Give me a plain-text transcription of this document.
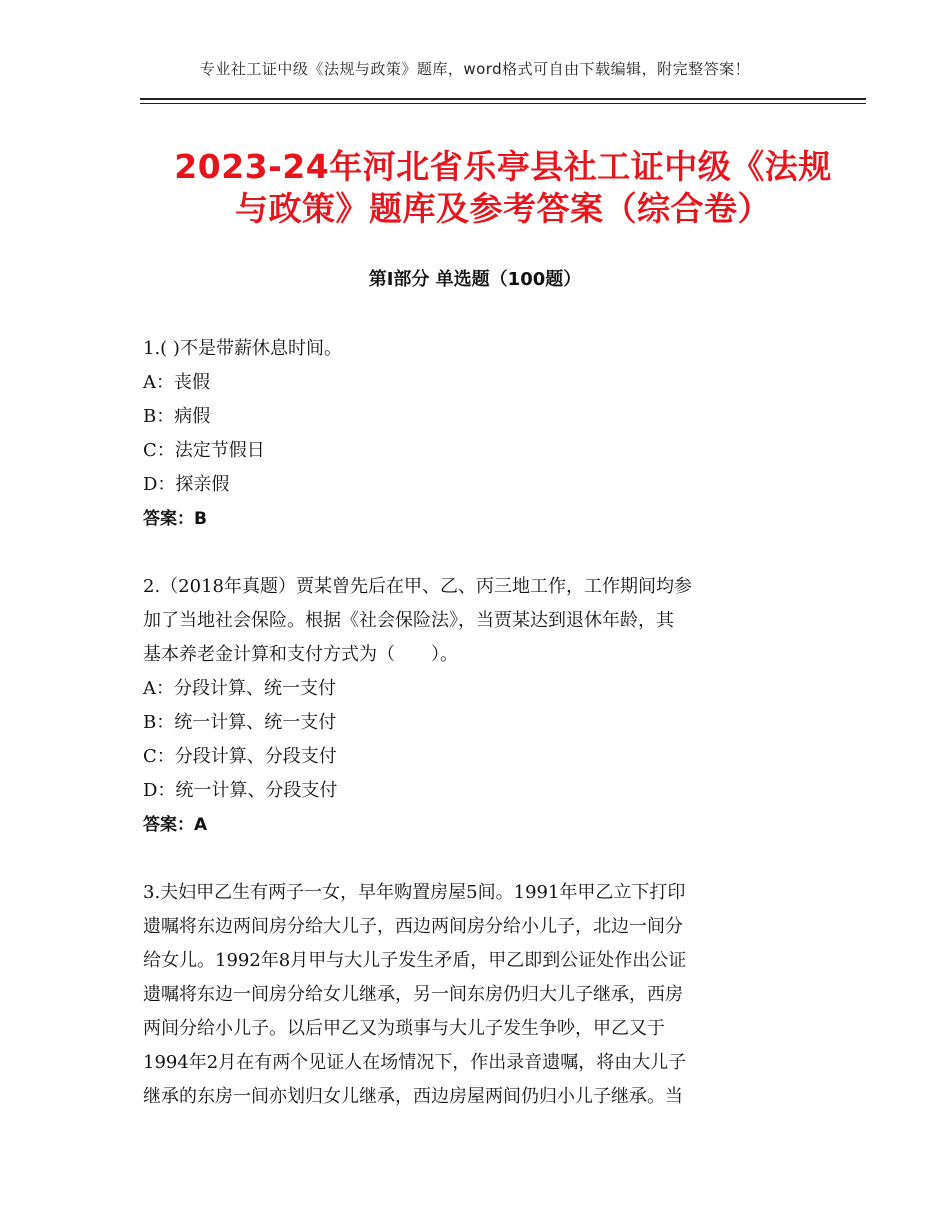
专业社工证中级《法规与政策》题库，word格式可自由下载编辑，附完整答案！
2023-24年河北省乐亭县社工证中级《法规
与政策》题库及参考答案（综合卷）
第Ⅰ部分 单选题（100题）

1.( )不是带薪休息时间。

A：丧假

B：病假

C：法定节假日

D：探亲假

答案：B

2.（2018年真题）贾某曾先后在甲、乙、丙三地工作，工作期间均参

加了当地社会保险。根据《社会保险法》，当贾某达到退休年龄，其

基本养老金计算和支付方式为（　　）。

A：分段计算、统一支付

B：统一计算、统一支付

C：分段计算、分段支付

D：统一计算、分段支付

答案：A

3.夫妇甲乙生有两子一女，早年购置房屋5间。1991年甲乙立下打印

遗嘱将东边两间房分给大儿子，西边两间房分给小儿子，北边一间分

给女儿。1992年8月甲与大儿子发生矛盾，甲乙即到公证处作出公证

遗嘱将东边一间房分给女儿继承，另一间东房仍归大儿子继承，西房

两间分给小儿子。以后甲乙又为琐事与大儿子发生争吵，甲乙又于

1994年2月在有两个见证人在场情况下，作出录音遗嘱，将由大儿子

继承的东房一间亦划归女儿继承，西边房屋两间仍归小儿子继承。当
